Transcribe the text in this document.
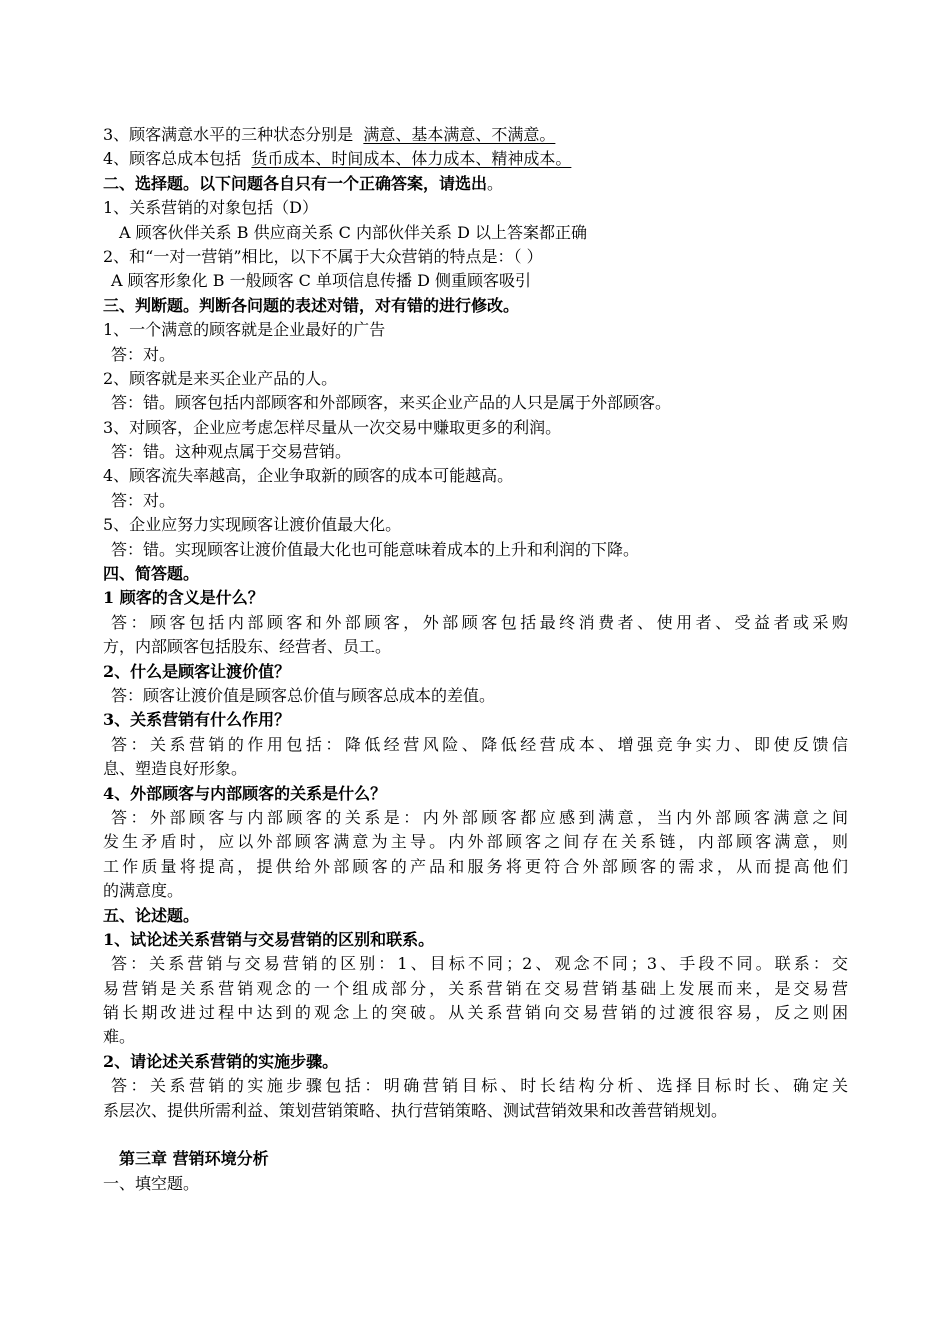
3、顾客满意水平的三种状态分别是 满意、基本满意、不满意。
4、顾客总成本包括 货币成本、时间成本、体力成本、精神成本。
二、选择题。以下问题各自只有一个正确答案，请选出。
1、关系营销的对象包括（D）
A 顾客伙伴关系 B 供应商关系 C 内部伙伴关系 D 以上答案都正确
2、和“一对一营销”相比，以下不属于大众营销的特点是：（ ）
A 顾客形象化 B 一般顾客 C 单项信息传播 D 侧重顾客吸引
三、判断题。判断各问题的表述对错，对有错的进行修改。
1、一个满意的顾客就是企业最好的广告
答：对。
2、顾客就是来买企业产品的人。
答：错。顾客包括内部顾客和外部顾客，来买企业产品的人只是属于外部顾客。
3、对顾客，企业应考虑怎样尽量从一次交易中赚取更多的利润。
答：错。这种观点属于交易营销。
4、顾客流失率越高，企业争取新的顾客的成本可能越高。
答：对。
5、企业应努力实现顾客让渡价值最大化。
答：错。实现顾客让渡价值最大化也可能意味着成本的上升和利润的下降。
四、简答题。
1 顾客的含义是什么？
答：顾客包括内部顾客和外部顾客，外部顾客包括最终消费者、使用者、受益者或采购
方，内部顾客包括股东、经营者、员工。
2、什么是顾客让渡价值？
答：顾客让渡价值是顾客总价值与顾客总成本的差值。
3、关系营销有什么作用？
答：关系营销的作用包括：降低经营风险、降低经营成本、增强竞争实力、即使反馈信
息、塑造良好形象。
4、外部顾客与内部顾客的关系是什么？
答：外部顾客与内部顾客的关系是：内外部顾客都应感到满意，当内外部顾客满意之间
发生矛盾时，应以外部顾客满意为主导。内外部顾客之间存在关系链，内部顾客满意，则
工作质量将提高，提供给外部顾客的产品和服务将更符合外部顾客的需求，从而提高他们
的满意度。
五、论述题。
1、试论述关系营销与交易营销的区别和联系。
答：关系营销与交易营销的区别：1、目标不同；2、观念不同；3、手段不同。联系：交
易营销是关系营销观念的一个组成部分，关系营销在交易营销基础上发展而来，是交易营
销长期改进过程中达到的观念上的突破。从关系营销向交易营销的过渡很容易，反之则困
难。
2、请论述关系营销的实施步骤。
答：关系营销的实施步骤包括：明确营销目标、时长结构分析、选择目标时长、确定关
系层次、提供所需利益、策划营销策略、执行营销策略、测试营销效果和改善营销规划。
第三章 营销环境分析
一、填空题。
